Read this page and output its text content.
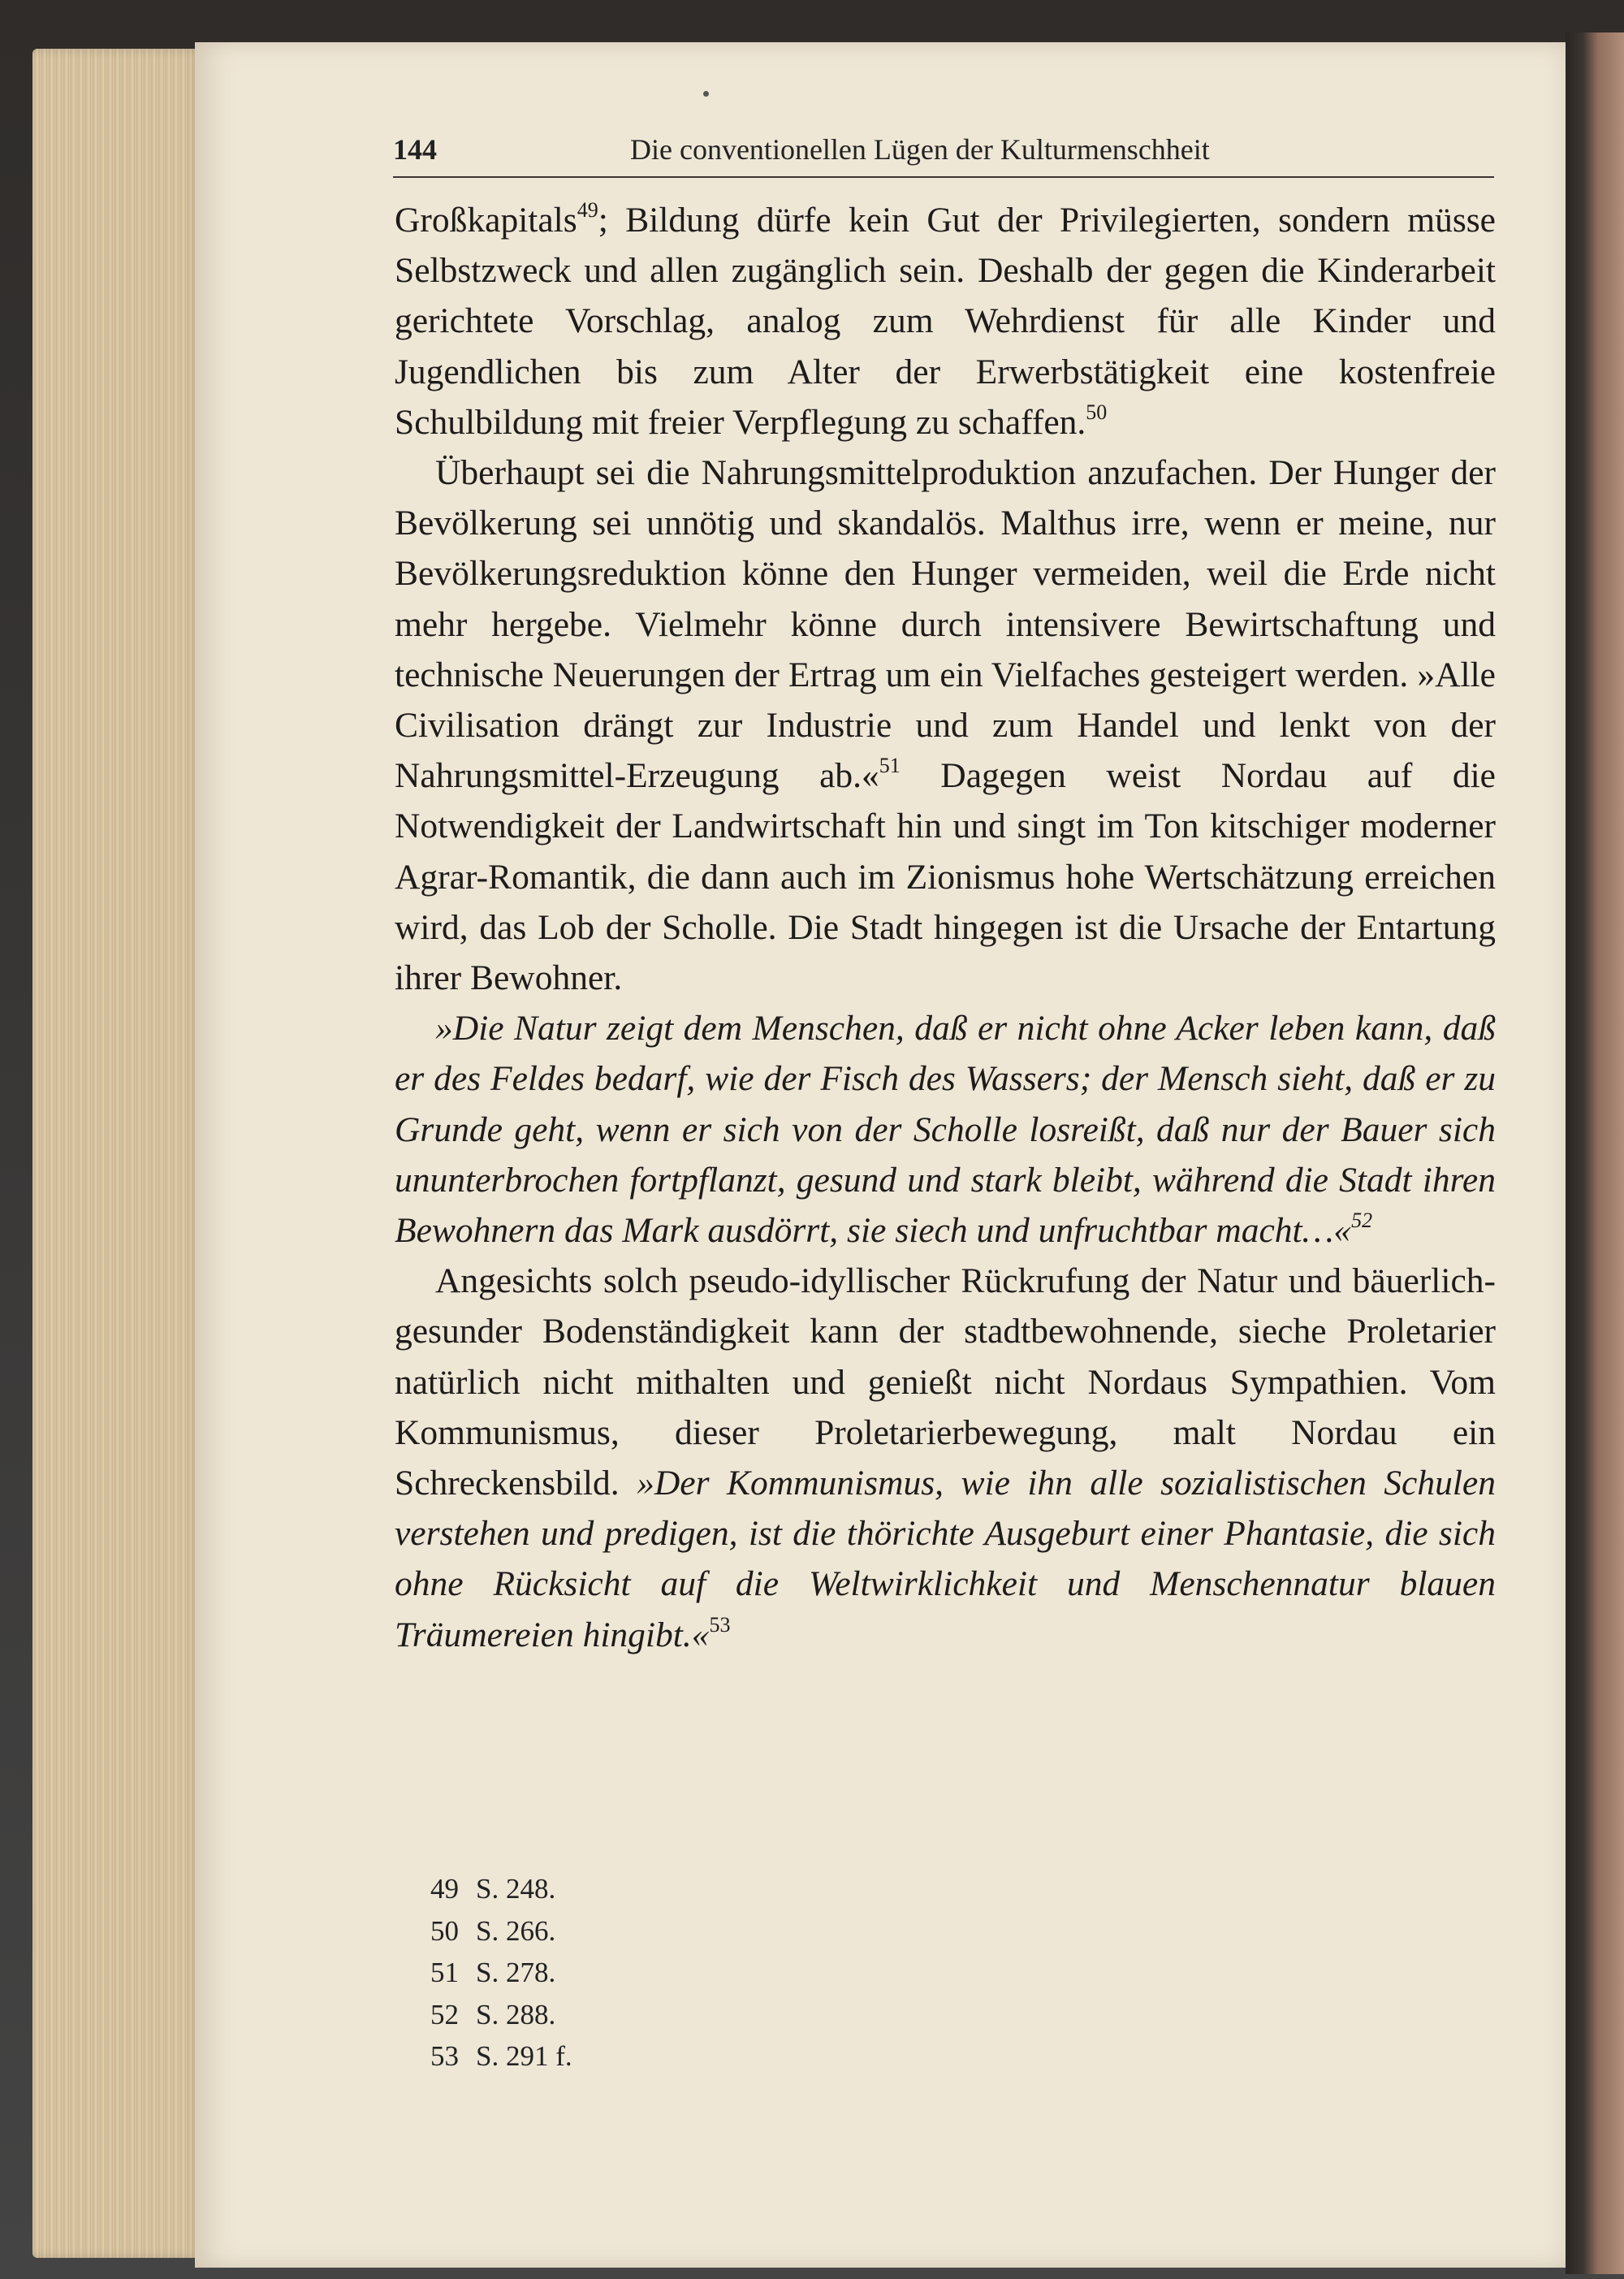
144	Die conventionellen Lügen der Kulturmenschheit

Großkapitals$^{49}$; Bildung dürfe kein Gut der Privilegierten, sondern müsse Selbstzweck und allen zugänglich sein. Deshalb der gegen die Kinderarbeit gerichtete Vorschlag, analog zum Wehrdienst für alle Kinder und Jugendlichen bis zum Alter der Erwerbstätigkeit eine kostenfreie Schulbildung mit freier Verpflegung zu schaffen.$^{50}$

Überhaupt sei die Nahrungsmittelproduktion anzufachen. Der Hunger der Bevölkerung sei unnötig und skandalös. Malthus irre, wenn er meine, nur Bevölkerungsreduktion könne den Hunger vermeiden, weil die Erde nicht mehr hergebe. Vielmehr könne durch intensivere Bewirtschaftung und technische Neuerungen der Ertrag um ein Vielfaches gesteigert werden. »Alle Civilisation drängt zur Industrie und zum Handel und lenkt von der Nahrungsmittel-Erzeugung ab.«$^{51}$ Dagegen weist Nordau auf die Notwendigkeit der Landwirtschaft hin und singt im Ton kitschiger moderner Agrar-Romantik, die dann auch im Zionismus hohe Wertschätzung erreichen wird, das Lob der Scholle. Die Stadt hingegen ist die Ursache der Entartung ihrer Bewohner.

»Die Natur zeigt dem Menschen, daß er nicht ohne Acker leben kann, daß er des Feldes bedarf, wie der Fisch des Wassers; der Mensch sieht, daß er zu Grunde geht, wenn er sich von der Scholle losreißt, daß nur der Bauer sich ununterbrochen fortpflanzt, gesund und stark bleibt, während die Stadt ihren Bewohnern das Mark ausdörrt, sie siech und unfruchtbar macht…«$^{52}$

Angesichts solch pseudo-idyllischer Rückrufung der Natur und bäuerlich-gesunder Bodenständigkeit kann der stadtbewohnende, sieche Proletarier natürlich nicht mithalten und genießt nicht Nordaus Sympathien. Vom Kommunismus, dieser Proletarierbewegung, malt Nordau ein Schreckensbild. »Der Kommunismus, wie ihn alle sozialistischen Schulen verstehen und predigen, ist die thörichte Ausgeburt einer Phantasie, die sich ohne Rücksicht auf die Weltwirklichkeit und Menschennatur blauen Träumereien hingibt.«$^{53}$

49 S. 248.
50 S. 266.
51 S. 278.
52 S. 288.
53 S. 291 f.
